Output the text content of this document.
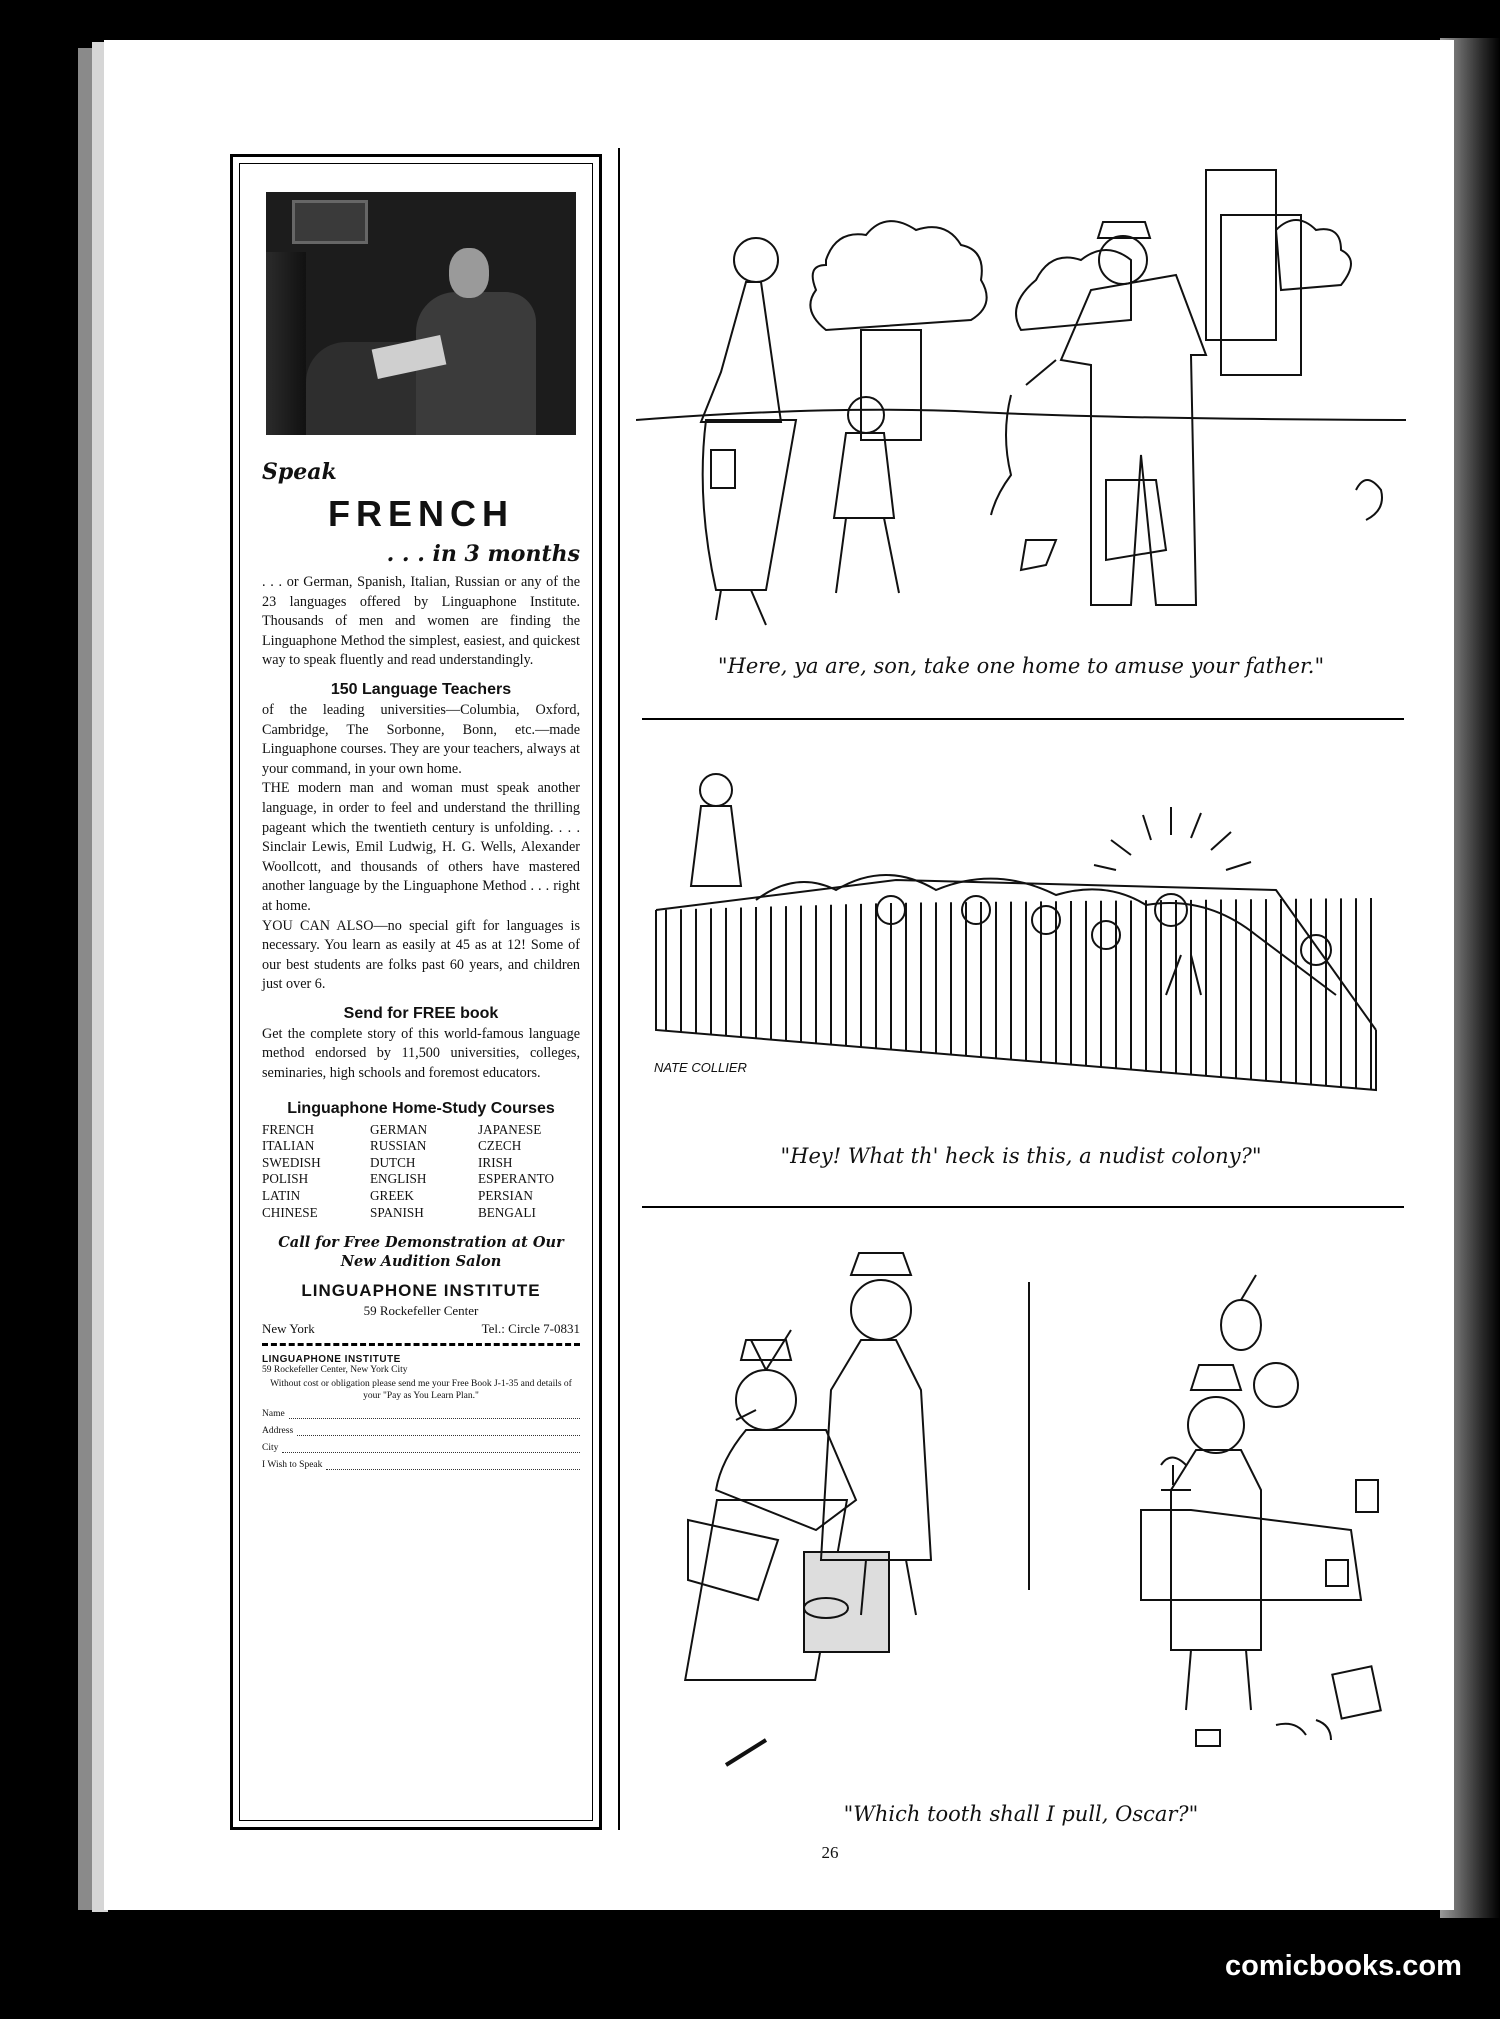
Speak

FRENCH

. . . in 3 months

. . . or German, Spanish, Italian, Russian or any of the 23 languages offered by Linguaphone Institute. Thousands of men and women are finding the Linguaphone Method the simplest, easiest, and quickest way to speak fluently and read understandingly.

150 Language Teachers

of the leading universities—Columbia, Oxford, Cambridge, The Sorbonne, Bonn, etc.—made Linguaphone courses. They are your teachers, always at your command, in your own home.

THE modern man and woman must speak another language, in order to feel and understand the thrilling pageant which the twentieth century is unfolding. . . . Sinclair Lewis, Emil Ludwig, H. G. Wells, Alexander Woollcott, and thousands of others have mastered another language by the Linguaphone Method . . . right at home.

YOU CAN ALSO—no special gift for languages is necessary. You learn as easily at 45 as at 12! Some of our best students are folks past 60 years, and children just over 6.

Send for FREE book

Get the complete story of this world-famous language method endorsed by 11,500 universities, colleges, seminaries, high schools and foremost educators.

Linguaphone Home-Study Courses

FRENCH	GERMAN	JAPANESE
ITALIAN	RUSSIAN	CZECH
SWEDISH	DUTCH	IRISH
POLISH	ENGLISH	ESPERANTO
LATIN	GREEK	PERSIAN
CHINESE	SPANISH	BENGALI

Call for Free Demonstration at Our New Audition Salon

LINGUAPHONE INSTITUTE

59 Rockefeller Center

New York	Tel.: Circle 7-0831

LINGUAPHONE INSTITUTE

59 Rockefeller Center, New York City

Without cost or obligation please send me your Free Book J-1-35 and details of your "Pay as You Learn Plan."

Name
Address
City
I Wish to Speak

"Here, ya are, son, take one home to amuse your father."

NATE COLLIER

"Hey! What th' heck is this, a nudist colony?"

"Which tooth shall I pull, Oscar?"

26
comicbooks.com
